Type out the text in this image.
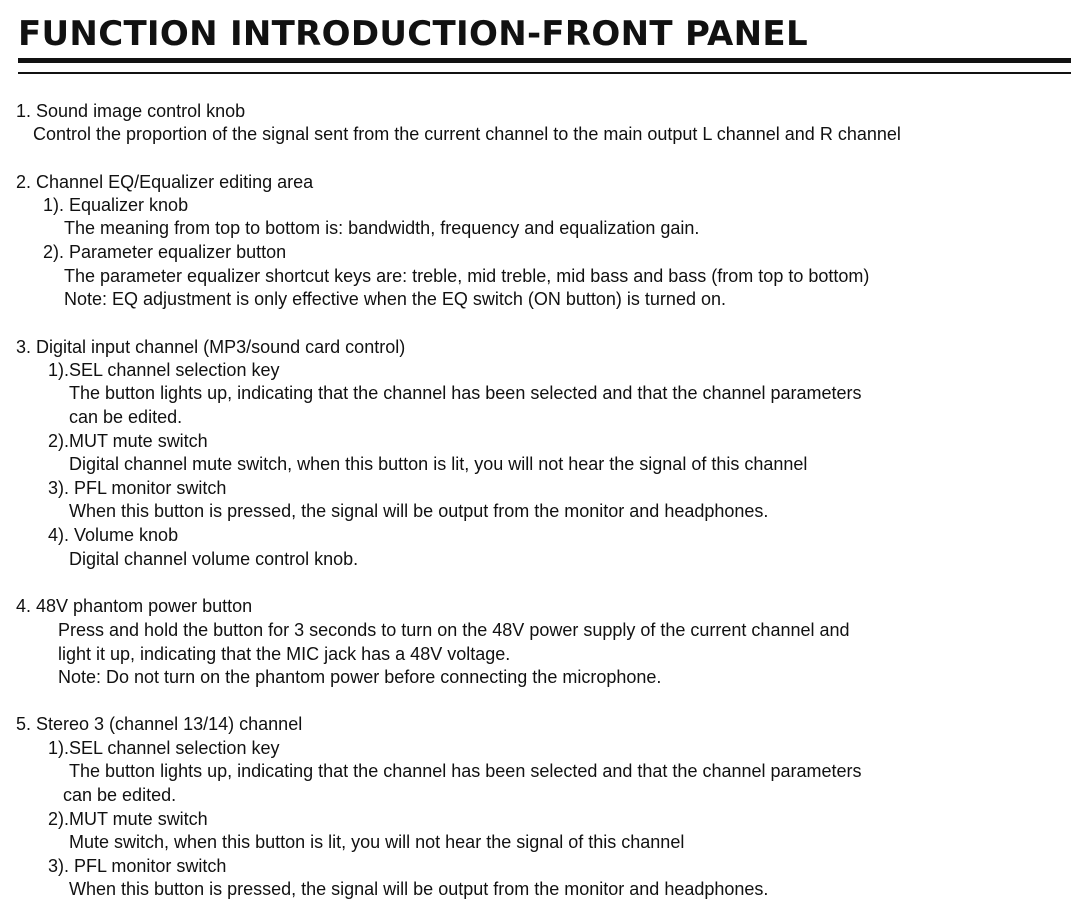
FUNCTION INTRODUCTION-FRONT PANEL
1. Sound image control knob
Control the proportion of the signal sent from the current channel to the main output L channel and R channel
2. Channel EQ/Equalizer editing area
1). Equalizer knob
The meaning from top to bottom is: bandwidth, frequency and equalization gain.
2). Parameter equalizer button
The parameter equalizer shortcut keys are: treble, mid treble, mid bass and bass (from top to bottom)
Note: EQ adjustment is only effective when the EQ switch (ON button) is turned on.
3. Digital input channel (MP3/sound card control)
1).SEL channel selection key
The button lights up, indicating that the channel has been selected and that the channel parameters
can be edited.
2).MUT mute switch
Digital channel mute switch, when this button is lit, you will not hear the signal of this channel
3). PFL monitor switch
When this button is pressed, the signal will be output from the monitor and headphones.
4). Volume knob
Digital channel volume control knob.
4. 48V phantom power button
Press and hold the button for 3 seconds to turn on the 48V power supply of the current channel and
light it up, indicating that the MIC jack has a 48V voltage.
Note: Do not turn on the phantom power before connecting the microphone.
5. Stereo 3 (channel 13/14) channel
1).SEL channel selection key
The button lights up, indicating that the channel has been selected and that the channel parameters
can be edited.
2).MUT mute switch
Mute switch, when this button is lit, you will not hear the signal of this channel
3). PFL monitor switch
When this button is pressed, the signal will be output from the monitor and headphones.
